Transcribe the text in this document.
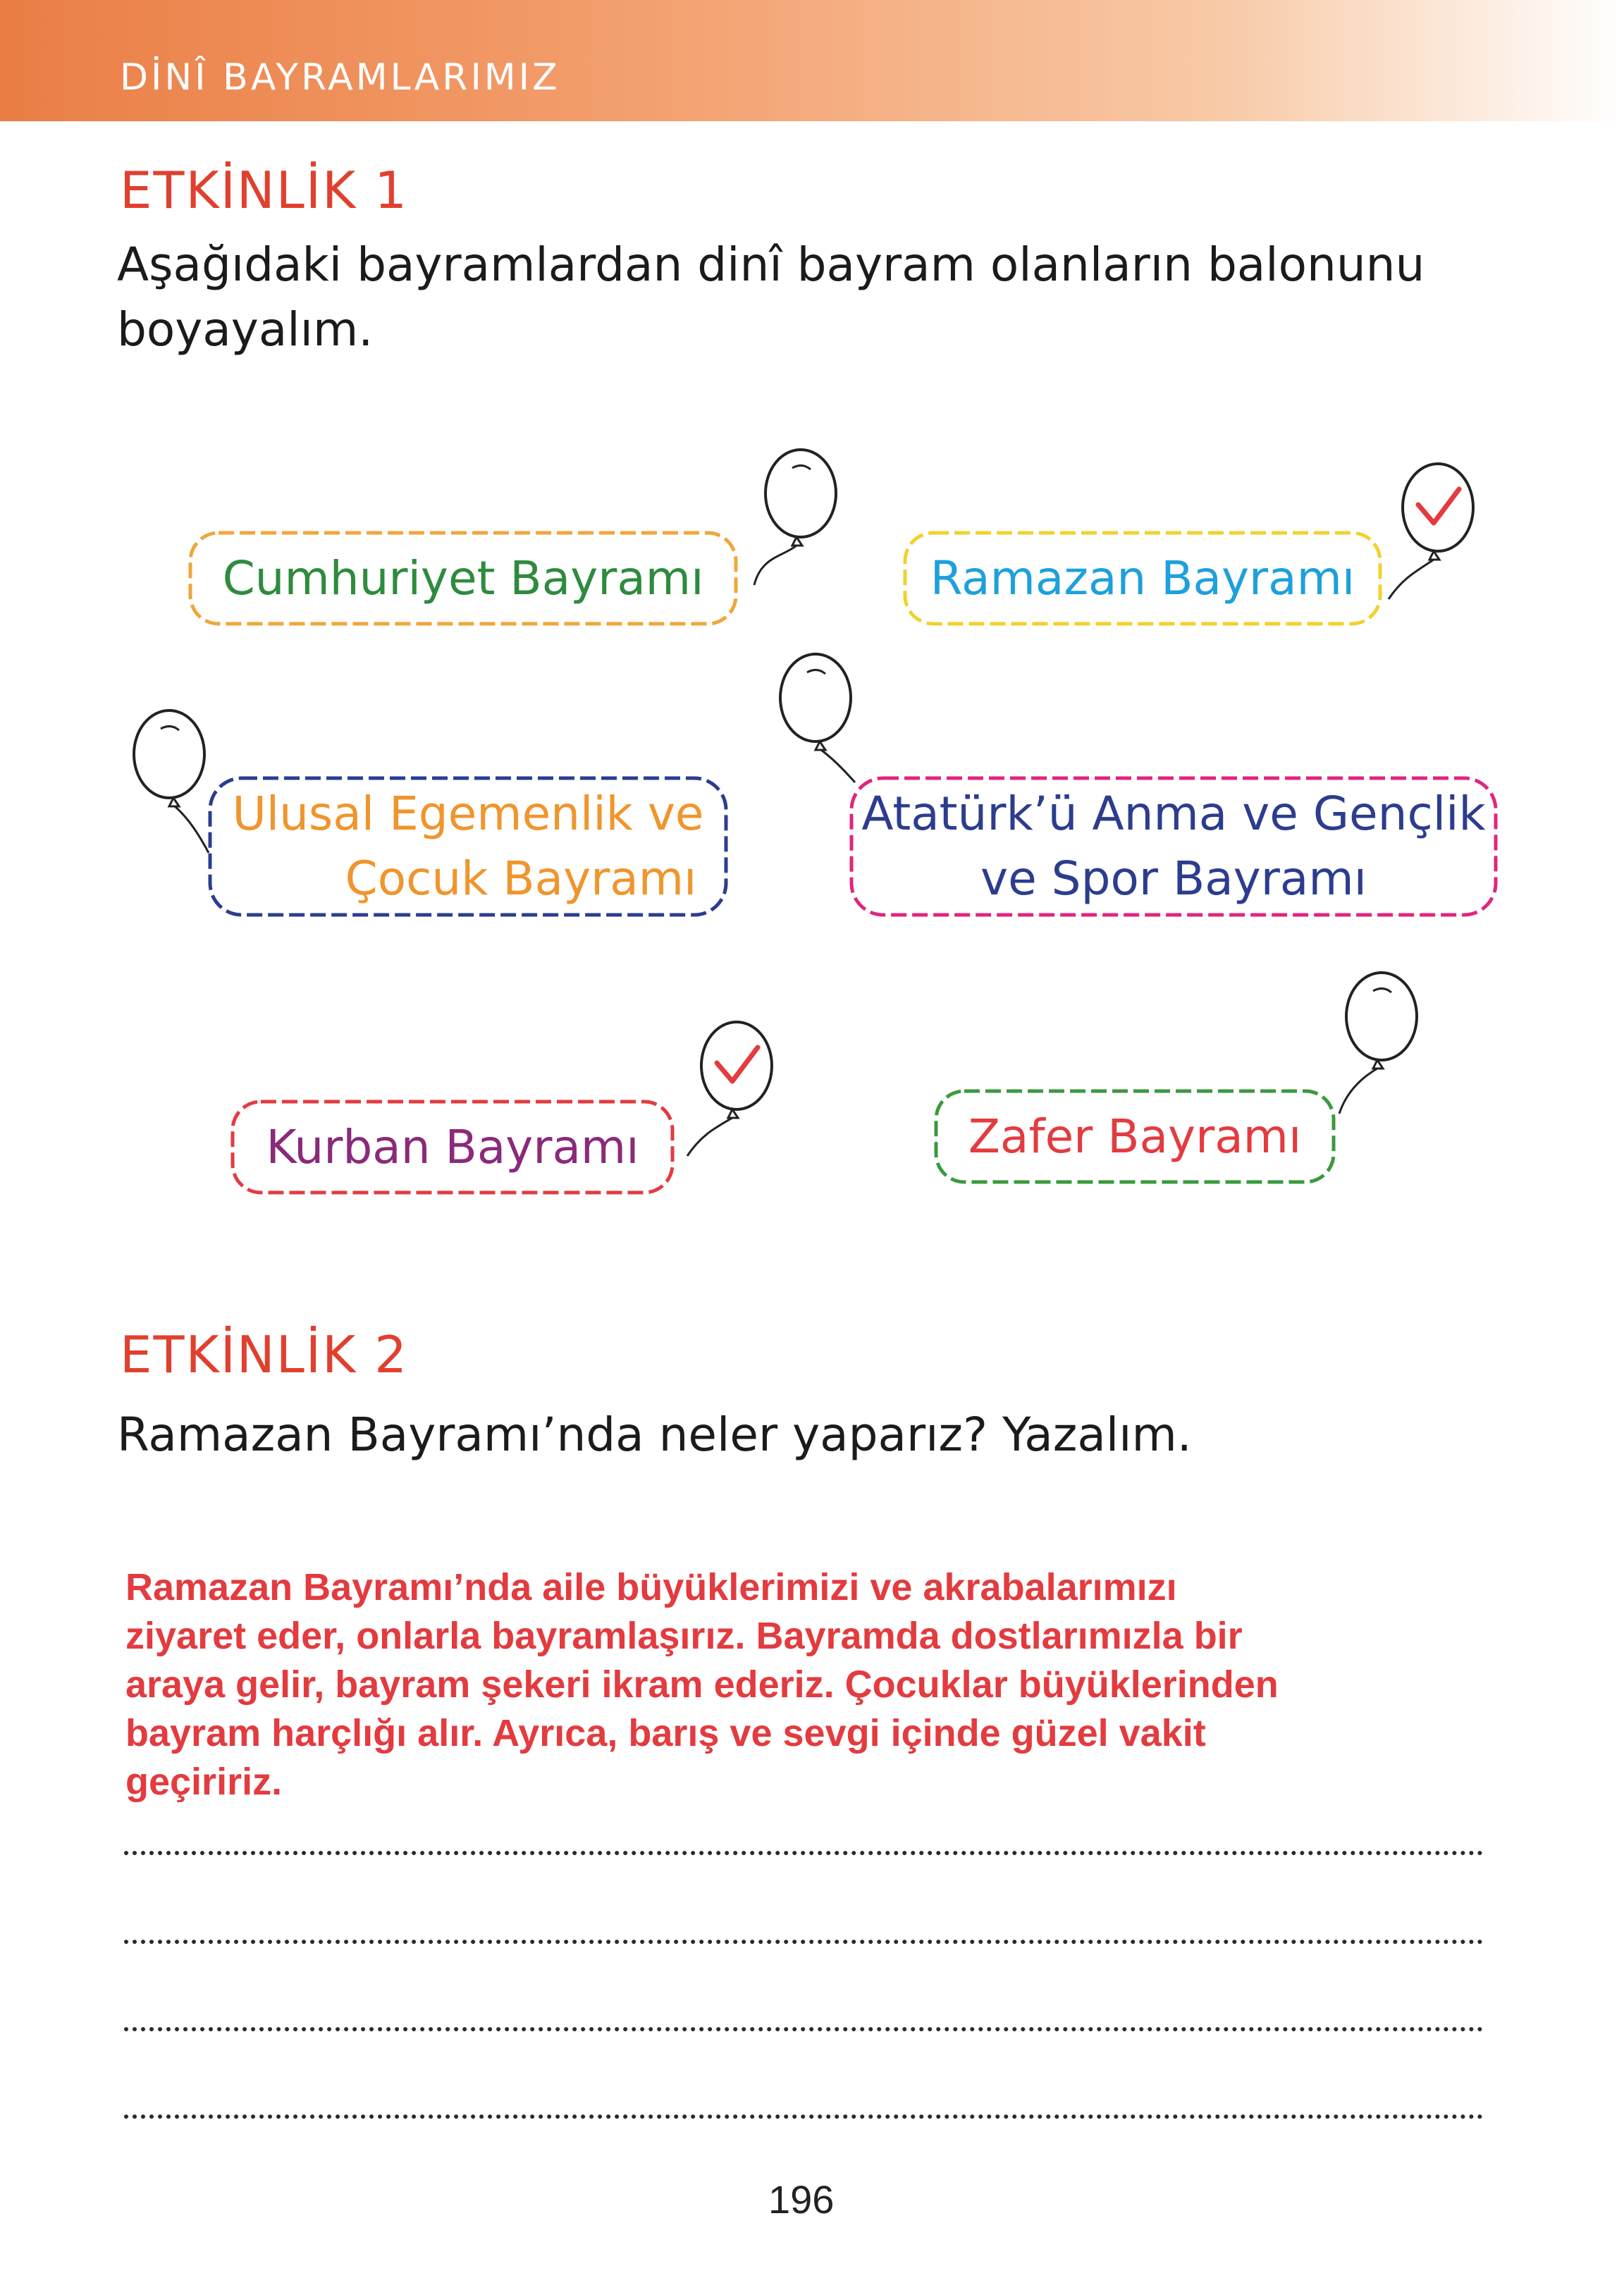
DİNÎ BAYRAMLARIMIZ
ETKİNLİK 1
Aşağıdaki bayramlardan dinî bayram olanların balonunu
boyayalım.
Cumhuriyet Bayramı	Ramazan Bayramı
Ulusal Egemenlik ve
Çocuk Bayramı
Atatürk’ü Anma ve Gençlik
ve Spor Bayramı
Kurban Bayramı	Zafer Bayramı
ETKİNLİK 2
Ramazan Bayramı’nda neler yaparız? Yazalım.
Ramazan Bayramı’nda aile büyüklerimizi ve akrabalarımızı
ziyaret eder, onlarla bayramlaşırız. Bayramda dostlarımızla bir
araya gelir, bayram şekeri ikram ederiz. Çocuklar büyüklerinden
bayram harçlığı alır. Ayrıca, barış ve sevgi içinde güzel vakit
geçiririz.
196
